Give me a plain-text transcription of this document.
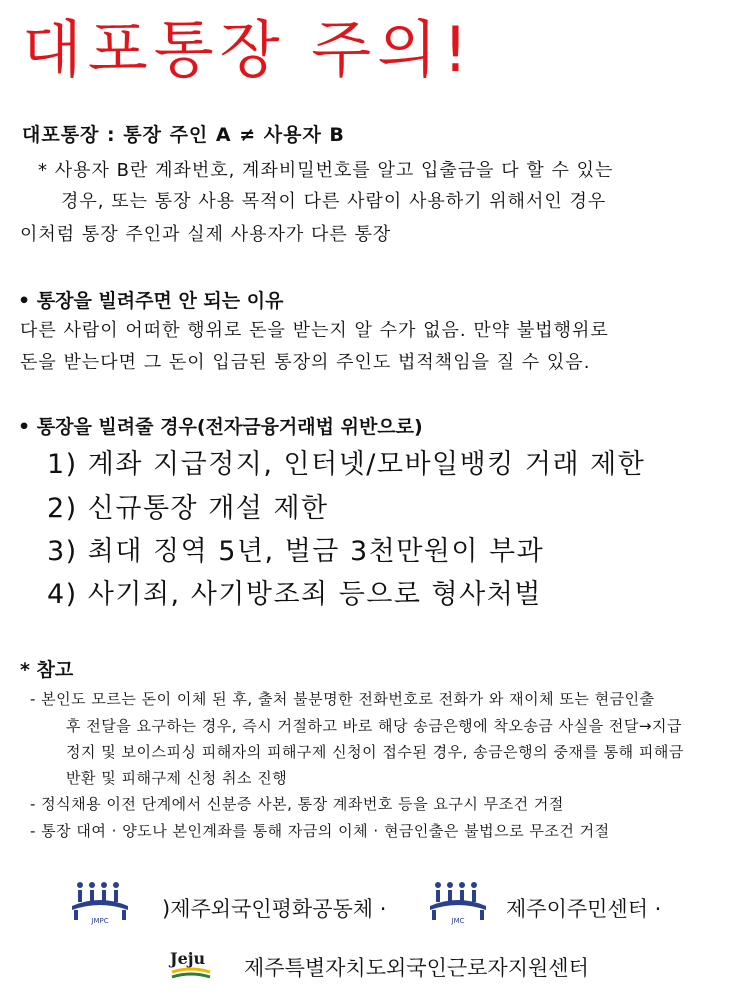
대포통장 주의!
대포통장 : 통장 주인 A ≠ 사용자 B
* 사용자 B란 계좌번호, 계좌비밀번호를 알고 입출금을 다 할 수 있는
경우, 또는 통장 사용 목적이 다른 사람이 사용하기 위해서인 경우
이처럼 통장 주인과 실제 사용자가 다른 통장
• 통장을 빌려주면 안 되는 이유
다른 사람이 어떠한 행위로 돈을 받는지 알 수가 없음. 만약 불법행위로
돈을 받는다면 그 돈이 입금된 통장의 주인도 법적책임을 질 수 있음.
• 통장을 빌려줄 경우(전자금융거래법 위반으로)
1) 계좌 지급정지, 인터넷/모바일뱅킹 거래 제한
2) 신규통장 개설 제한
3) 최대 징역 5년, 벌금 3천만원이 부과
4) 사기죄, 사기방조죄 등으로 형사처벌
* 참고
- 본인도 모르는 돈이 이체 된 후, 출처 불분명한 전화번호로 전화가 와 재이체 또는 현금인출
후 전달을 요구하는 경우, 즉시 거절하고 바로 해당 송금은행에 착오송금 사실을 전달→지급
정지 및 보이스피싱 피해자의 피해구제 신청이 접수된 경우, 송금은행의 중재를 통해 피해금
반환 및 피해구제 신청 취소 진행
- 정식채용 이전 단계에서 신분증 사본, 통장 계좌번호 등을 요구시 무조건 거절
- 통장 대여 · 양도나 본인계좌를 통해 자금의 이체 · 현금인출은 불법으로 무조건 거절
JMPC	)제주외국인평화공동체 ·	JMC 제주이주민센터 ·
Jeju 제주특별자치도외국인근로자지원센터
